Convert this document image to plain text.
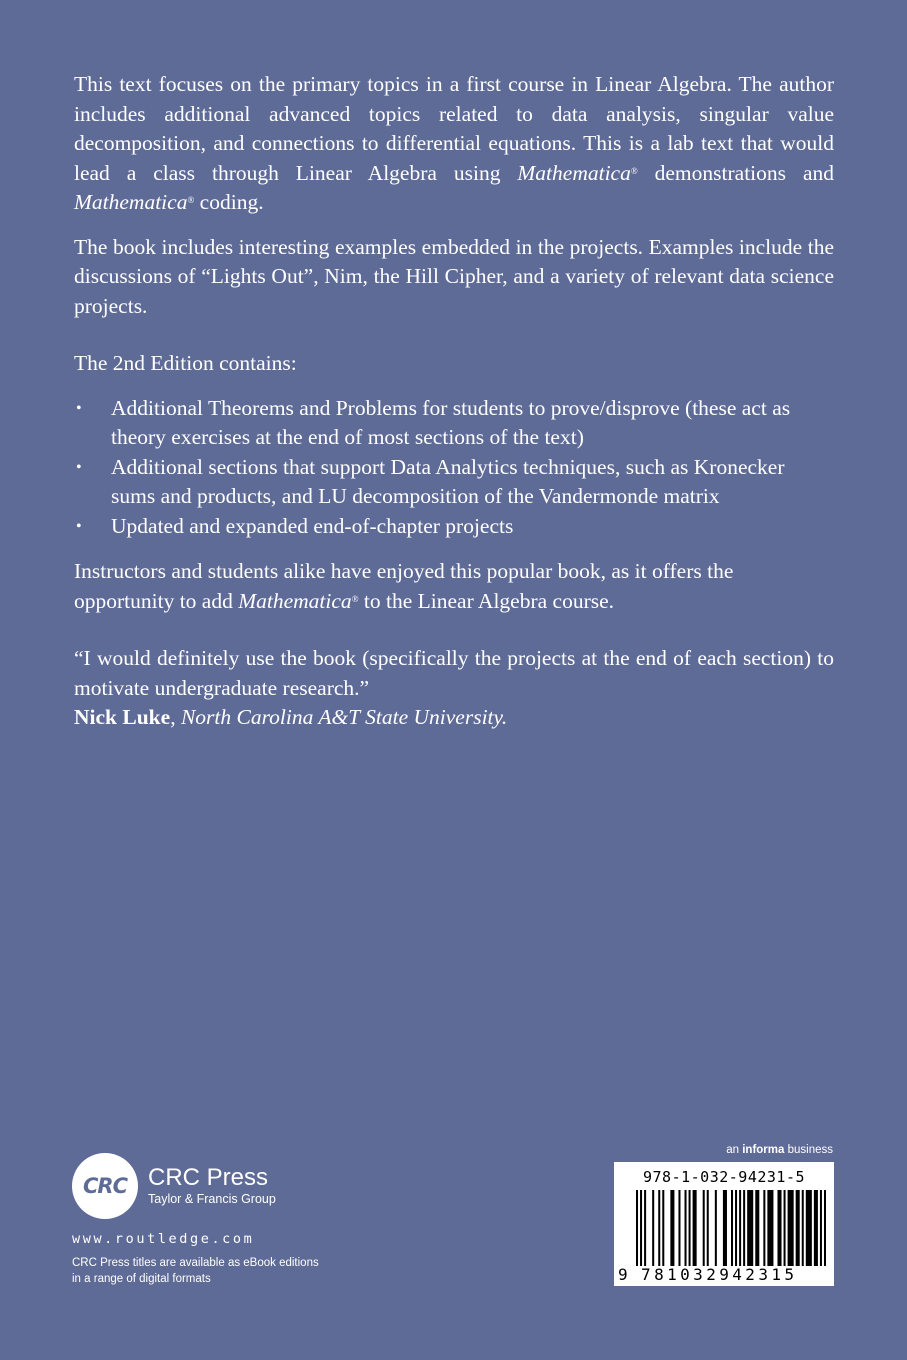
This text focuses on the primary topics in a first course in Linear Algebra. The author includes additional advanced topics related to data analysis, singular value decomposition, and connections to differential equations. This is a lab text that would lead a class through Linear Algebra using Mathematica® demonstrations and Mathematica® coding.

The book includes interesting examples embedded in the projects. Examples include the discussions of “Lights Out”, Nim, the Hill Cipher, and a variety of relevant data science projects.

The 2nd Edition contains:

• Additional Theorems and Problems for students to prove/disprove (these act as theory exercises at the end of most sections of the text)
• Additional sections that support Data Analytics techniques, such as Kronecker sums and products, and LU decomposition of the Vandermonde matrix
• Updated and expanded end-of-chapter projects

Instructors and students alike have enjoyed this popular book, as it offers the opportunity to add Mathematica® to the Linear Algebra course.

“I would definitely use the book (specifically the projects at the end of each section) to motivate undergraduate research.”

Nick Luke, North Carolina A&T State University.

CRC CRC Press
Taylor & Francis Group
www.routledge.com
CRC Press titles are available as eBook editions
in a range of digital formats
an informa business
978-1-032-94231-5
9 781032942315
